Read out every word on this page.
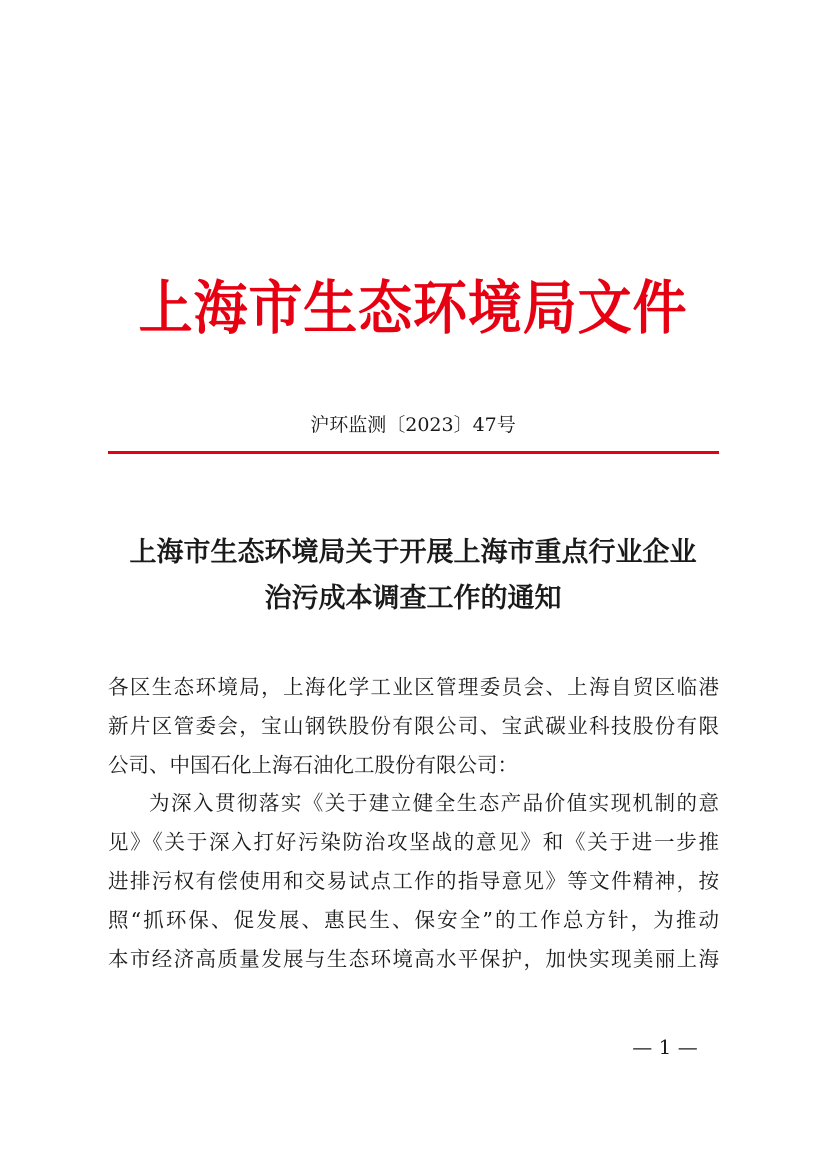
上海市生态环境局文件
沪环监测〔2023〕47号
上海市生态环境局关于开展上海市重点行业企业
治污成本调查工作的通知
各区生态环境局，上海化学工业区管理委员会、上海自贸区临港
新片区管委会，宝山钢铁股份有限公司、宝武碳业科技股份有限
公司、中国石化上海石油化工股份有限公司：
为深入贯彻落实《关于建立健全生态产品价值实现机制的意
见》《关于深入打好污染防治攻坚战的意见》和《关于进一步推
进排污权有偿使用和交易试点工作的指导意见》等文件精神，按
照“抓环保、促发展、惠民生、保安全”的工作总方针，为推动
本市经济高质量发展与生态环境高水平保护，加快实现美丽上海
— 1 —
